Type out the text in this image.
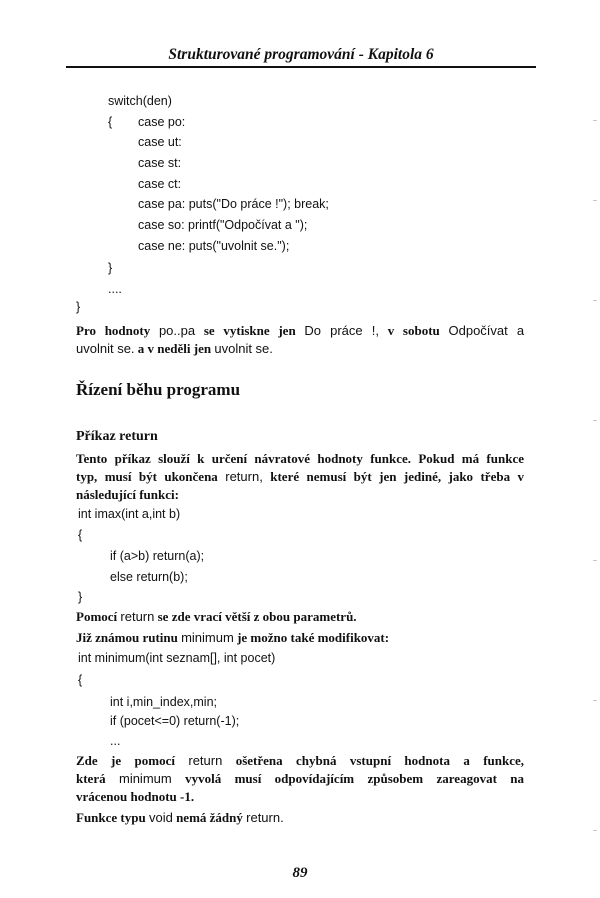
Strukturované programování - Kapitola 6

switch(den)

{

case po:

case ut:

case st:

case ct:

case pa: puts("Do práce !"); break;

case so: printf("Odpočívat a ");

case ne: puts("uvolnit se.");

}

....

}

Pro hodnoty po..pa se vytiskne jen Do práce !, v sobotu Odpočívat a
uvolnit se. a v neděli jen uvolnit se.
Řízení běhu programu
Příkaz return
Tento příkaz slouží k určení návratové hodnoty funkce. Pokud má funkce
typ, musí být ukončena return, které nemusí být jen jediné, jako třeba v
následující funkci:

int imax(int a,int b)

{

if (a>b) return(a);

else return(b);

}

Pomocí return se zde vrací větší z obou parametrů.
Již známou rutinu minimum je možno také modifikovat:

int minimum(int seznam[], int pocet)

{

int i,min_index,min;

if (pocet<=0) return(-1);

...

Zde je pomocí return ošetřena chybná vstupní hodnota a funkce,
která minimum vyvolá musí odpovídajícím způsobem zareagovat na
vrácenou hodnotu -1.
Funkce typu void nemá žádný return.
89
